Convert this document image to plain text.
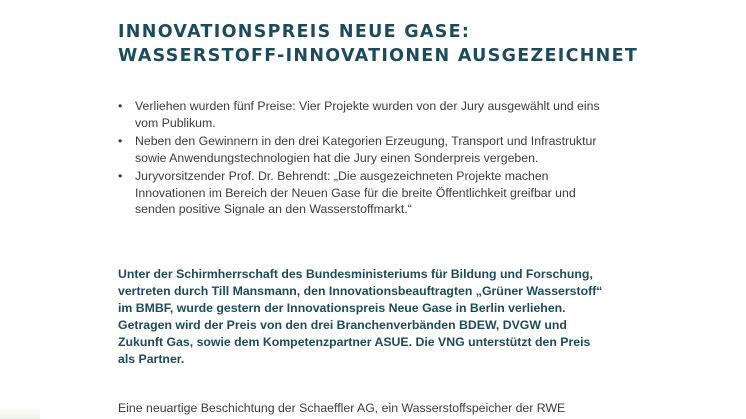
INNOVATIONSPREIS NEUE GASE:
WASSERSTOFF-INNOVATIONEN AUSGEZEICHNET
• Verliehen wurden fünf Preise: Vier Projekte wurden von der Jury ausgewählt und eins vom Publikum.
• Neben den Gewinnern in den drei Kategorien Erzeugung, Transport und Infrastruktur sowie Anwendungstechnologien hat die Jury einen Sonderpreis vergeben.
• Juryvorsitzender Prof. Dr. Behrendt: „Die ausgezeichneten Projekte machen Innovationen im Bereich der Neuen Gase für die breite Öffentlichkeit greifbar und senden positive Signale an den Wasserstoffmarkt.“

Unter der Schirmherrschaft des Bundesministeriums für Bildung und Forschung, vertreten durch Till Mansmann, den Innovationsbeauftragten „Grüner Wasserstoff“ im BMBF, wurde gestern der Innovationspreis Neue Gase in Berlin verliehen. Getragen wird der Preis von den drei Branchenverbänden BDEW, DVGW und Zukunft Gas, sowie dem Kompetenzpartner ASUE. Die VNG unterstützt den Preis als Partner.

Eine neuartige Beschichtung der Schaeffler AG, ein Wasserstoffspeicher der RWE
